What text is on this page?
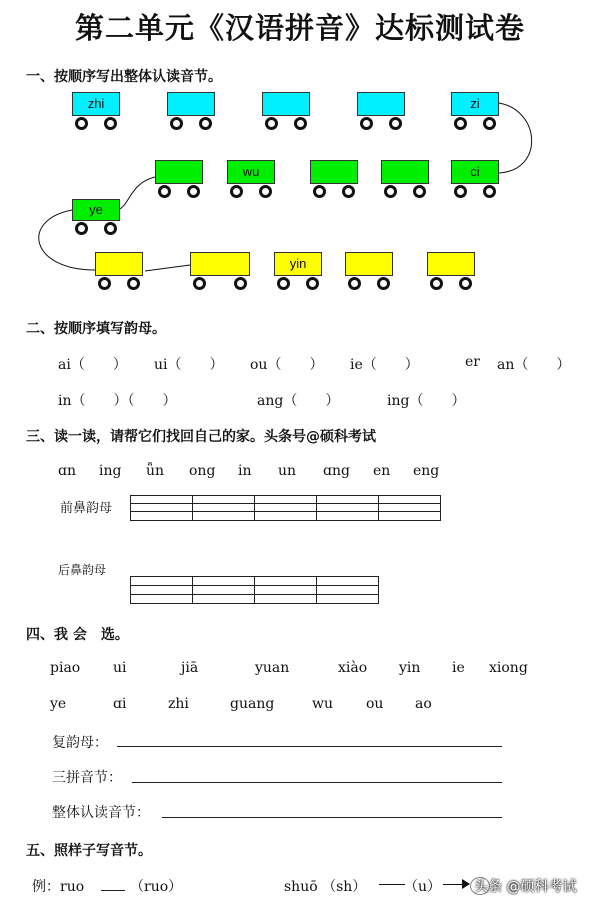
第二单元《汉语拼音》达标测试卷
一、按顺序写出整体认读音节。
zhi	zi
wu	ci
ye
yin
二、按顺序填写韵母。
ai（　　） ui（　　） ou（　　） ie（　　）	er an（　　）
in（　　）（　　）	ang（　　）	ing（　　）
三、读一读，请帮它们找回自己的家。头条号@硕科考试
ɑn ing ǖn ong in un ɑng en eng
前鼻韵母

后鼻韵母

四、我 会　选。
piao ui	jiā	yuan	xiào yin ie xiong
ye	ɑi	zhi	guang	wu ou ao
复韵母：
三拼音节：
整体认读音节：
五、照样子写音节。
例：ruo	（ruo）	shuō （sh）	（u） 头条 @硕科考试
